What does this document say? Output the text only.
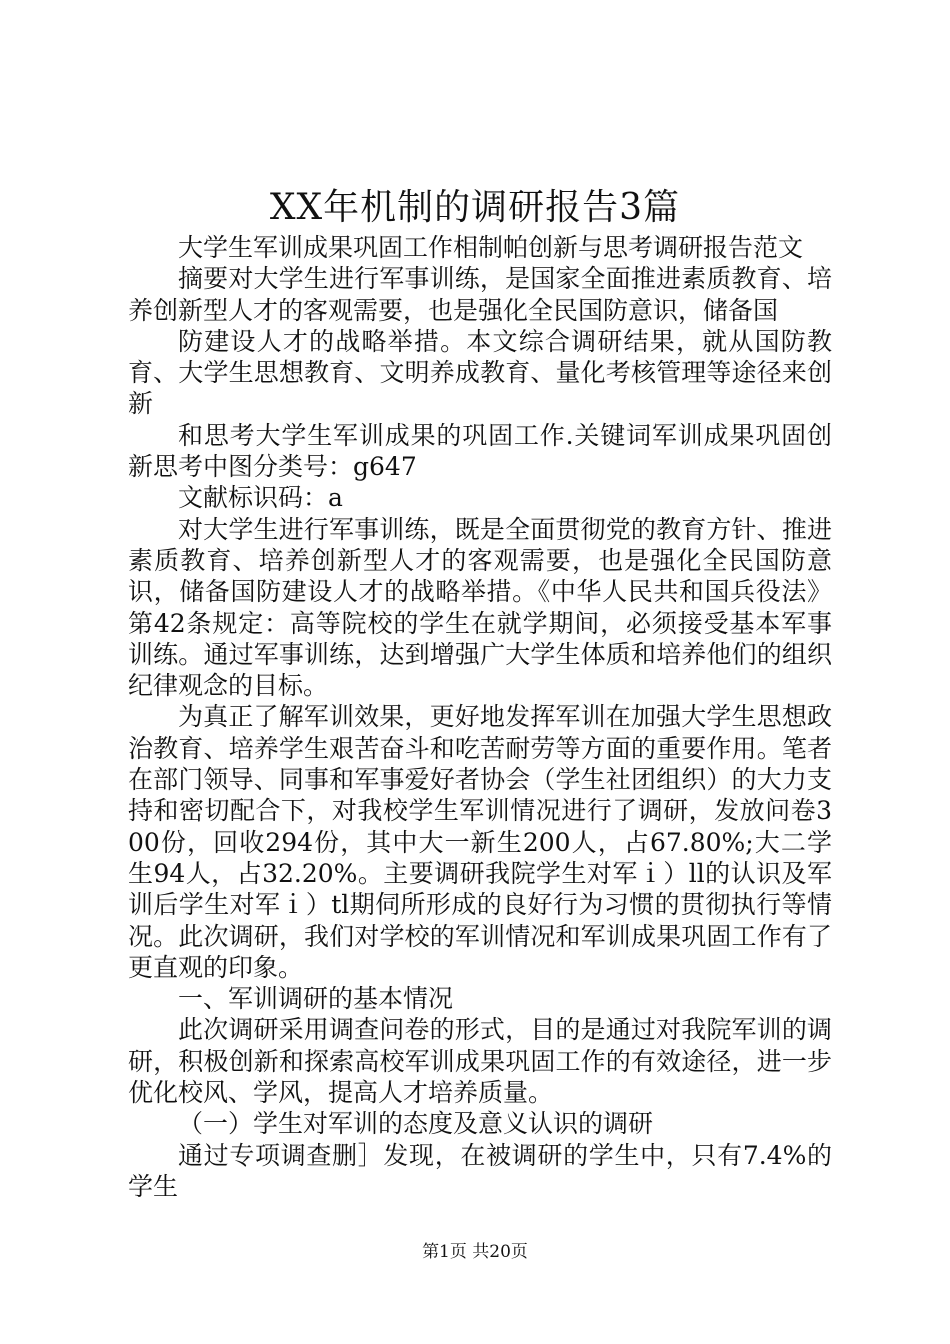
XX年机制的调研报告3篇

大学生军训成果巩固工作相制帕创新与思考调研报告范文

摘要对大学生进行军事训练，是国家全面推进素质教育、培养创新型人才的客观需要，也是强化全民国防意识，储备国

防建设人才的战略举措。本文综合调研结果，就从国防教育、大学生思想教育、文明养成教育、量化考核管理等途径来创新

和思考大学生军训成果的巩固工作.关键词军训成果巩固创新思考中图分类号：g647

文献标识码：a

对大学生进行军事训练，既是全面贯彻党的教育方针、推进素质教育、培养创新型人才的客观需要，也是强化全民国防意识，储备国防建设人才的战略举措。《中华人民共和国兵役法》第42条规定：高等院校的学生在就学期间，必须接受基本军事训练。通过军事训练，达到增强广大学生体质和培养他们的组织纪律观念的目标。

为真正了解军训效果，更好地发挥军训在加强大学生思想政治教育、培养学生艰苦奋斗和吃苦耐劳等方面的重要作用。笔者在部门领导、同事和军事爱好者协会（学生社团组织）的大力支持和密切配合下，对我校学生军训情况进行了调研，发放问卷300份，回收294份，其中大一新生200人，占67.80%;大二学生94人，占32.20%。主要调研我院学生对军ｉ）ll的认识及军训后学生对军ｉ）tl期伺所形成的良好行为习惯的贯彻执行等情况。此次调研，我们对学校的军训情况和军训成果巩固工作有了更直观的印象。

一、军训调研的基本情况

此次调研采用调查问卷的形式，目的是通过对我院军训的调研，积极创新和探索高校军训成果巩固工作的有效途径，进一步优化校风、学风，提高人才培养质量。

（一）学生对军训的态度及意义认识的调研

通过专项调查删］发现，在被调研的学生中，只有7.4%的学生

第1页 共20页
